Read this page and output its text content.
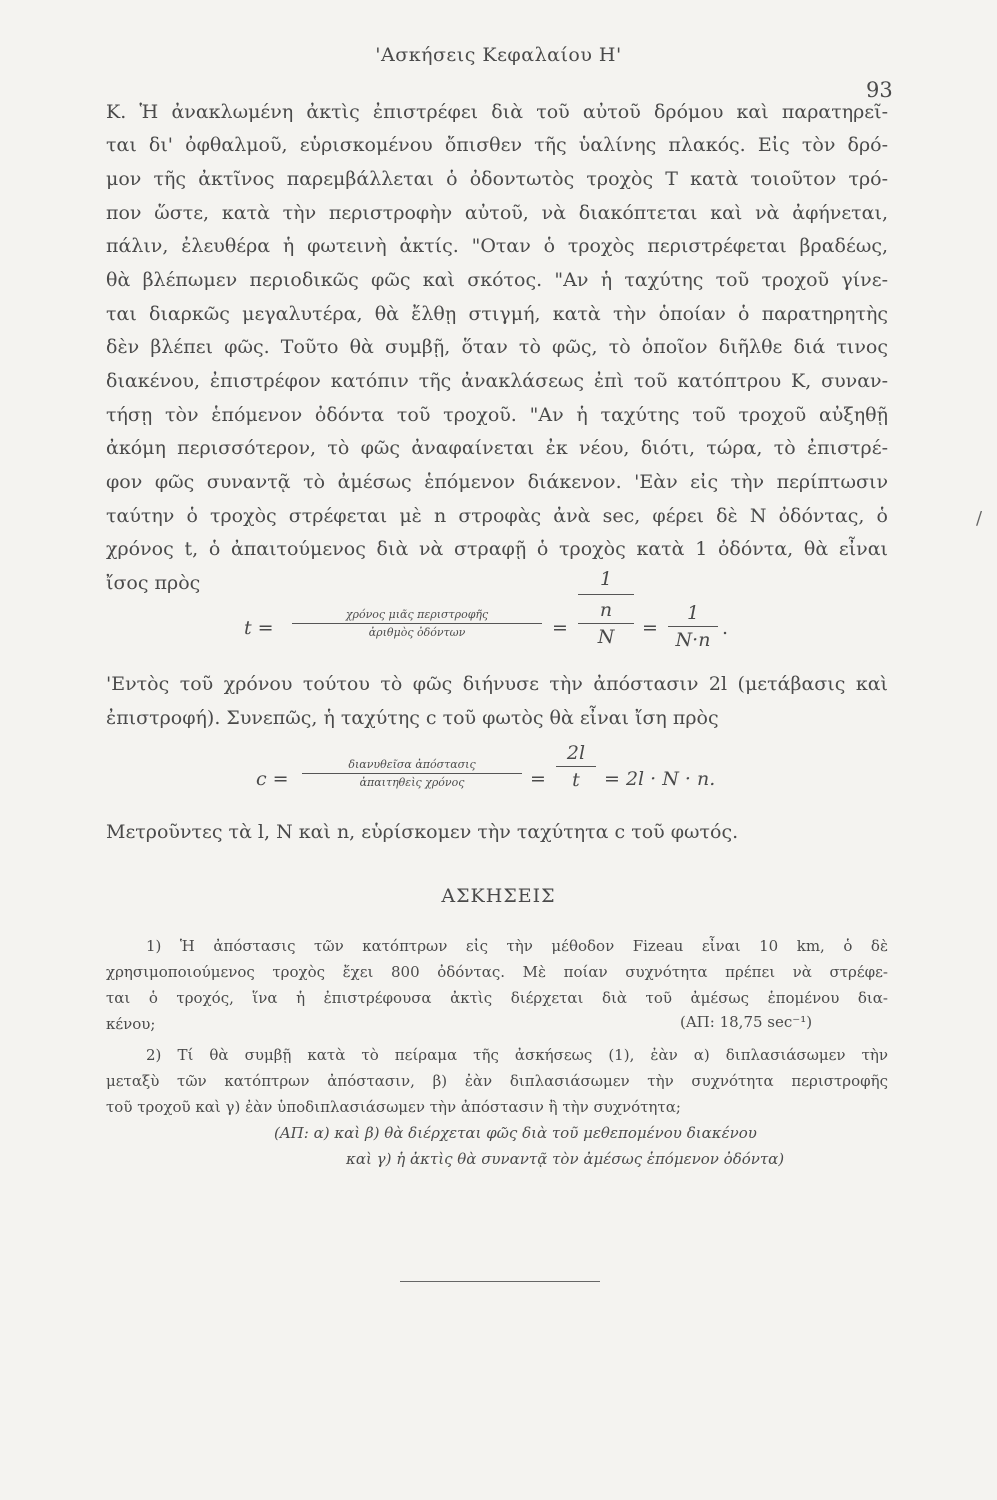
'Ασκήσεις Κεφαλαίου Η'
93
K. Ἡ ἀνακλωμένη ἀκτὶς ἐπιστρέφει διὰ τοῦ αὐτοῦ δρόμου καὶ παρατηρεῖ-
ται δι' ὀφθαλμοῦ, εὑρισκομένου ὄπισθεν τῆς ὑαλίνης πλακός. Εἰς τὸν δρό-
μον τῆς ἀκτῖνος παρεμβάλλεται ὁ ὀδοντωτὸς τροχὸς T κατὰ τοιοῦτον τρό-
πον ὥστε, κατὰ τὴν περιστροφὴν αὐτοῦ, νὰ διακόπτεται καὶ νὰ ἀφήνεται,
πάλιν, ἐλευθέρα ἡ φωτεινὴ ἀκτίς. "Οταν ὁ τροχὸς περιστρέφεται βραδέως,
θὰ βλέπωμεν περιοδικῶς φῶς καὶ σκότος. "Αν ἡ ταχύτης τοῦ τροχοῦ γίνε-
ται διαρκῶς μεγαλυτέρα, θὰ ἔλθῃ στιγμή, κατὰ τὴν ὁποίαν ὁ παρατηρητὴς
δὲν βλέπει φῶς. Τοῦτο θὰ συμβῇ, ὅταν τὸ φῶς, τὸ ὁποῖον διῆλθε διά τινος
διακένου, ἐπιστρέφον κατόπιν τῆς ἀνακλάσεως ἐπὶ τοῦ κατόπτρου K, συναν-
τήσῃ τὸν ἑπόμενον ὀδόντα τοῦ τροχοῦ. "Αν ἡ ταχύτης τοῦ τροχοῦ αὐξηθῇ
ἀκόμη περισσότερον, τὸ φῶς ἀναφαίνεται ἐκ νέου, διότι, τώρα, τὸ ἐπιστρέ-
φον φῶς συναντᾷ τὸ ἀμέσως ἑπόμενον διάκενον. 'Εὰν εἰς τὴν περίπτωσιν
ταύτην ὁ τροχὸς στρέφεται μὲ n στροφὰς ἀνὰ sec, φέρει δὲ N ὀδόντας, ὁ
χρόνος t, ὁ ἀπαιτούμενος διὰ νὰ στραφῇ ὁ τροχὸς κατὰ 1 ὀδόντα, θὰ εἶναι
ἴσος πρὸς
t =
χρόνος μιᾶς περιστροφῆς
ἀριθμὸς ὀδόντων	=
1
n
N	= $\frac{1}{N\cdot n}$ .
'Εντὸς τοῦ χρόνου τούτου τὸ φῶς διήνυσε τὴν ἀπόστασιν 2l (μετάβασις καὶ
ἐπιστροφή). Συνεπῶς, ἡ ταχύτης c τοῦ φωτὸς θὰ εἶναι ἴση πρὸς
c =
διανυθεῖσα ἀπόστασις
ἀπαιτηθεὶς χρόνος	= $\frac{2l}{t} = 2l \cdot N \cdot n$.
Μετροῦντες τὰ l, N καὶ n, εὑρίσκομεν τὴν ταχύτητα c τοῦ φωτός.
ΑΣΚΗΣΕΙΣ
1) Ἡ ἀπόστασις τῶν κατόπτρων εἰς τὴν μέθοδον Fizeau εἶναι 10 km, ὁ δὲ
χρησιμοποιούμενος τροχὸς ἔχει 800 ὀδόντας. Μὲ ποίαν συχνότητα πρέπει νὰ στρέφε-
ται ὁ τροχός, ἵνα ἡ ἐπιστρέφουσα ἀκτὶς διέρχεται διὰ τοῦ ἀμέσως ἑπομένου δια-
κένου;	(ΑΠ: 18,75 sec⁻¹)
2) Τί θὰ συμβῇ κατὰ τὸ πείραμα τῆς ἀσκήσεως (1), ἐὰν α) διπλασιάσωμεν τὴν
μεταξὺ τῶν κατόπτρων ἀπόστασιν, β) ἐὰν διπλασιάσωμεν τὴν συχνότητα περιστροφῆς
τοῦ τροχοῦ καὶ γ) ἐὰν ὑποδιπλασιάσωμεν τὴν ἀπόστασιν ἢ τὴν συχνότητα;
(ΑΠ: α) καὶ β) θὰ διέρχεται φῶς διὰ τοῦ μεθεπομένου διακένου
καὶ γ) ἡ ἀκτὶς θὰ συναντᾷ τὸν ἀμέσως ἑπόμενον ὀδόντα)
/
